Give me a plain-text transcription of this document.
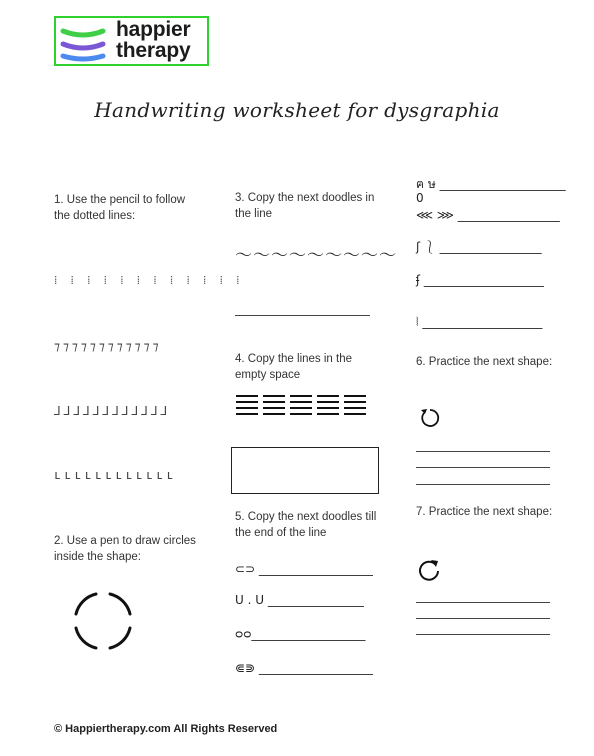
happier
therapy
Handwriting worksheet for dysgraphia
1. Use the pencil to follow the dotted lines:
⁞ ⁞ ⁞ ⁞ ⁞ ⁞ ⁞ ⁞ ⁞ ⁞ ⁞ ⁞
⁊⁊⁊⁊⁊⁊⁊⁊⁊⁊⁊⁊
⅃⅃⅃⅃⅃⅃⅃⅃⅃⅃⅃⅃
ʟʟʟʟʟʟʟʟʟʟʟʟ
2. Use a pen to draw circles inside the shape:
3. Copy the next doodles in the line
〜〜〜〜〜〜〜〜〜
4. Copy the lines in the empty space
5. Copy the next doodles till the end of the line
⊂⊃ ___________________
U . U ________________
ᴑᴑ___________________
⋐⋑ ___________________
ฅ ษ _____________________
0
⋘ ⋙ _________________
ʃ ⎱ _________________
ʄ ____________________
⦚ ____________________
6. Practice the next shape:
7. Practice the next shape:
© Happiertherapy.com All Rights Reserved
